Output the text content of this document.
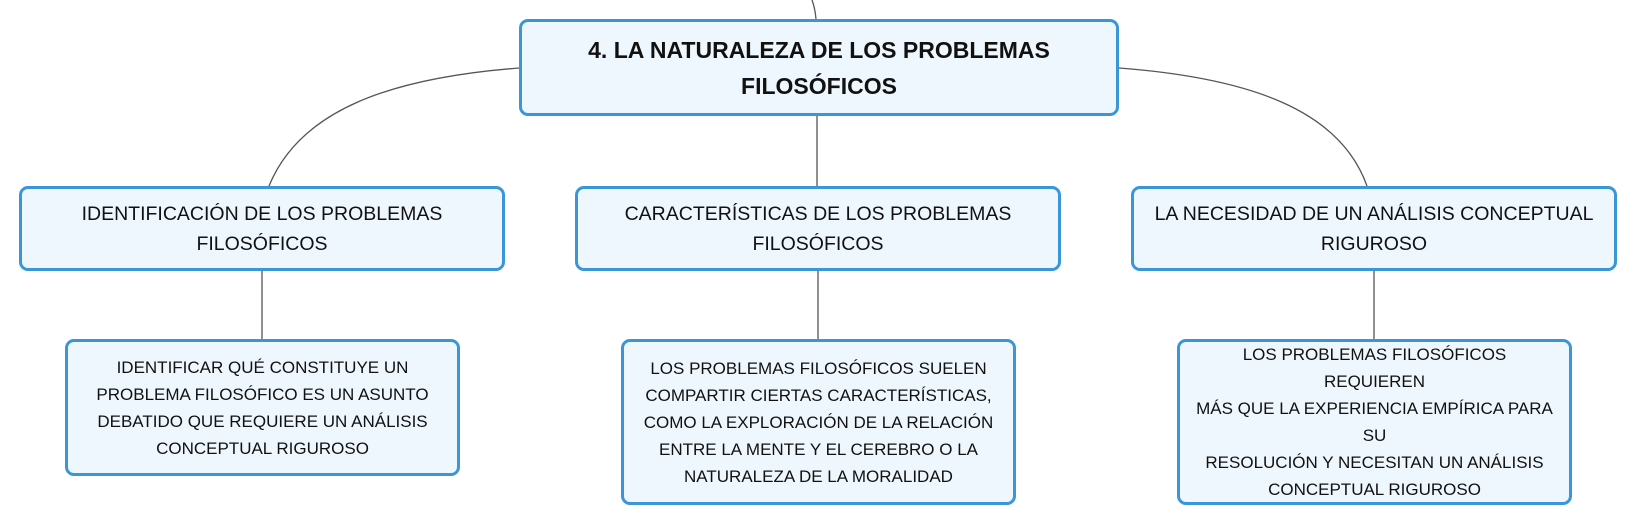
4. LA NATURALEZA DE LOS PROBLEMAS
FILOSÓFICOS
IDENTIFICACIÓN DE LOS PROBLEMAS
FILOSÓFICOS
CARACTERÍSTICAS DE LOS PROBLEMAS
FILOSÓFICOS
LA NECESIDAD DE UN ANÁLISIS CONCEPTUAL
RIGUROSO
IDENTIFICAR QUÉ CONSTITUYE UN
PROBLEMA FILOSÓFICO ES UN ASUNTO
DEBATIDO QUE REQUIERE UN ANÁLISIS
CONCEPTUAL RIGUROSO
LOS PROBLEMAS FILOSÓFICOS SUELEN
COMPARTIR CIERTAS CARACTERÍSTICAS,
COMO LA EXPLORACIÓN DE LA RELACIÓN
ENTRE LA MENTE Y EL CEREBRO O LA
NATURALEZA DE LA MORALIDAD
LOS PROBLEMAS FILOSÓFICOS REQUIEREN
MÁS QUE LA EXPERIENCIA EMPÍRICA PARA SU
RESOLUCIÓN Y NECESITAN UN ANÁLISIS
CONCEPTUAL RIGUROSO
